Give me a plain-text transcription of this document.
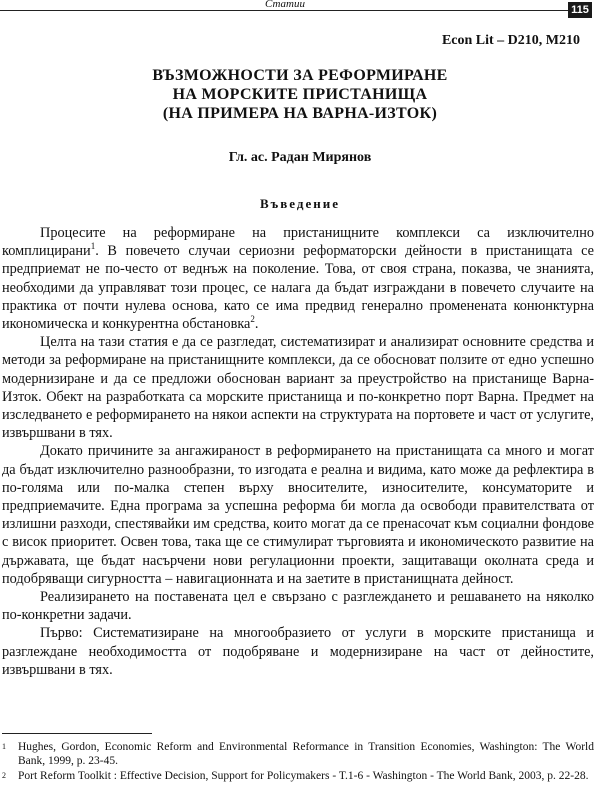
Статии	115
Econ Lit – D210, M210
ВЪЗМОЖНОСТИ ЗА РЕФОРМИРАНЕ
НА МОРСКИТЕ ПРИСТАНИЩА
(НА ПРИМЕРА НА ВАРНА-ИЗТОК)
Гл. ас. Радан Мирянов
Въведение

Процесите на реформиране на пристанищните комплекси са изключително комплицирани$^1$. В повечето случаи сериозни реформаторски дейности в пристанищата се предприемат не по-често от веднъж на поколение. Това, от своя страна, показва, че знанията, необходими да управляват този процес, се налага да бъдат изграждани в повечето случаите на практика от почти нулева основа, като се има предвид генерално променената конюнктурна икономическа и конкурентна обстановка$^2$.

Целта на тази статия е да се разгледат, систематизират и анализират основните средства и методи за реформиране на пристанищните комплекси, да се обосноват ползите от едно успешно модернизиране и да се предложи обоснован вариант за преустройство на пристанище Варна-Изток. Обект на разработката са морските пристанища и по-конкретно порт Варна. Предмет на изследването е реформирането на някои аспекти на структурата на портовете и част от услугите, извършвани в тях.

Докато причините за ангажираност в реформирането на пристанищата са много и могат да бъдат изключително разнообразни, то изгодата е реална и видима, като може да рефлектира в по-голяма или по-малка степен върху вносителите, износителите, консуматорите и предприемачите. Една програма за успешна реформа би могла да освободи правителствата от излишни разходи, спестявайки им средства, които могат да се пренасочат към социални фондове с висок приоритет. Освен това, така ще се стимулират търговията и икономическото развитие на държавата, ще бъдат насърчени нови регулационни проекти, защитаващи околната среда и подобряващи сигурността – навигационната и на заетите в пристанищната дейност.

Реализирането на поставената цел е свързано с разглеждането и решаването на няколко по-конкретни задачи.

Първо: Систематизиране на многообразието от услуги в морските пристанища и разглеждане необходимостта от подобряване и модернизиране на част от дейностите, извършвани в тях.

1 Hughes, Gordon, Economic Reform and Environmental Reformance in Transition Economies, Washington: The World Bank, 1999, p. 23-45.

2 Port Reform Toolkit : Effective Decision, Support for Policymakers - T.1-6 - Washington - The World Bank, 2003, p. 22-28.
